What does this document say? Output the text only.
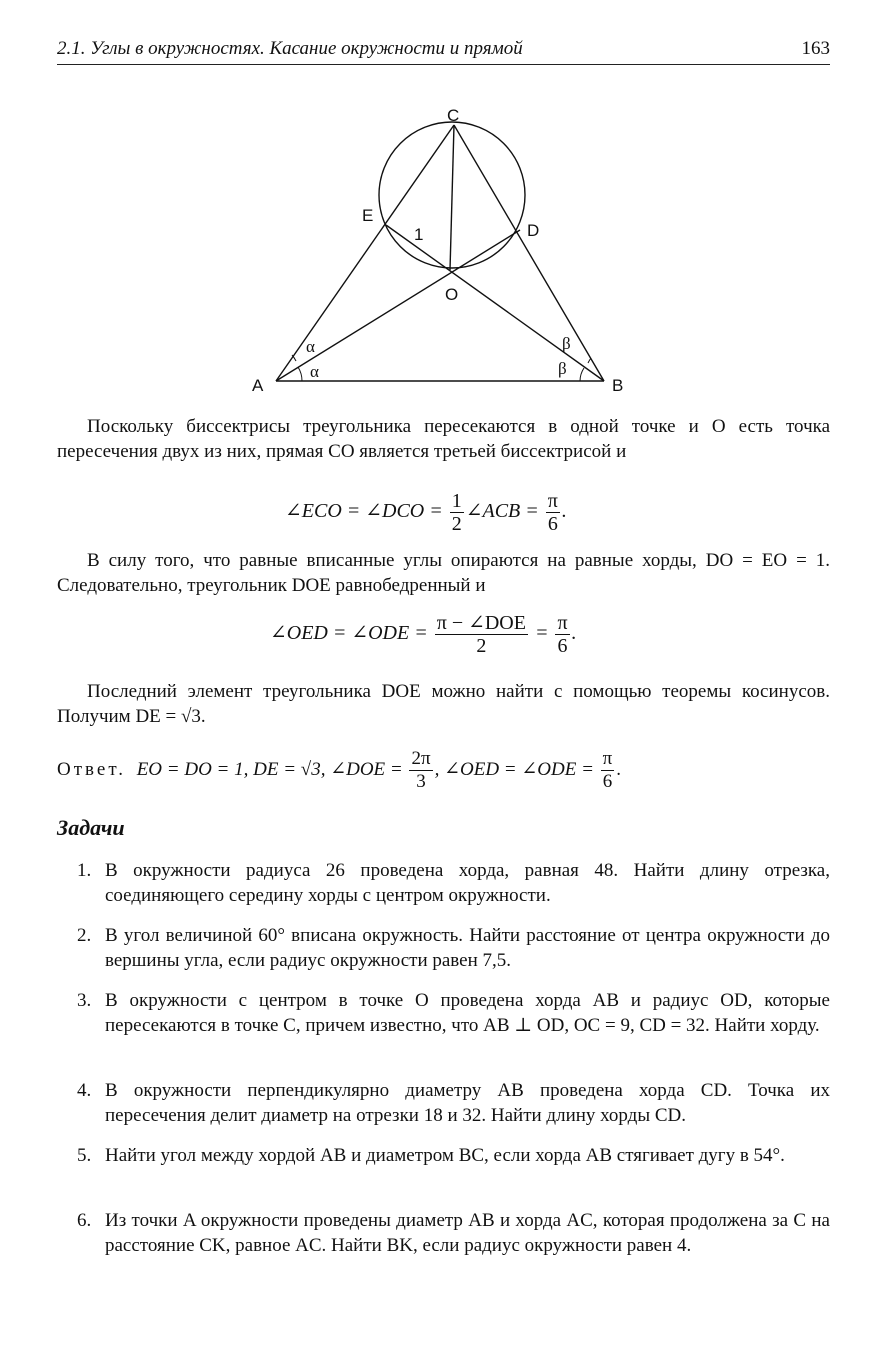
2.1. Углы в окружностях. Касание окружности и прямой	163
C
E
D
O
1
A	B
α
α
β
β

Поскольку биссектрисы треугольника пересекаются в одной точке и O есть точка пересечения двух из них, прямая CO является третьей биссектрисой и

∠ECO = ∠DCO = $\frac{1}{2}$ ∠ACB = $\frac{\pi}{6}$ .

В силу того, что равные вписанные углы опираются на равные хорды, DO = EO = 1. Следовательно, треугольник DOE равнобедренный и

∠OED = ∠ODE = $\frac{\text{π − ∠DOE}}{2} = \frac{\pi}{6}$ .

Последний элемент треугольника DOE можно найти с помощью теоремы косинусов. Получим DE = √3.

Ответ. EO = DO = 1, DE = √3, ∠DOE = $\frac{2\pi}{3}$ , ∠OED = ∠ODE = $\frac{\pi}{6}$ .
Задачи
1. В окружности радиуса 26 проведена хорда, равная 48. Найти длину отрезка, соединяющего середину хорды с центром окружности.
2. В угол величиной 60° вписана окружность. Найти расстояние от центра окружности до вершины угла, если радиус окружности равен 7,5.
3. В окружности с центром в точке O проведена хорда AB и радиус OD, которые пересекаются в точке C, причем известно, что AB ⊥ OD, OC = 9, CD = 32. Найти хорду.
4. В окружности перпендикулярно диаметру AB проведена хорда CD. Точка их пересечения делит диаметр на отрезки 18 и 32. Найти длину хорды CD.
5. Найти угол между хордой AB и диаметром BC, если хорда AB стягивает дугу в 54°.
6. Из точки A окружности проведены диаметр AB и хорда AC, которая продолжена за C на расстояние CK, равное AC. Найти BK, если радиус окружности равен 4.
